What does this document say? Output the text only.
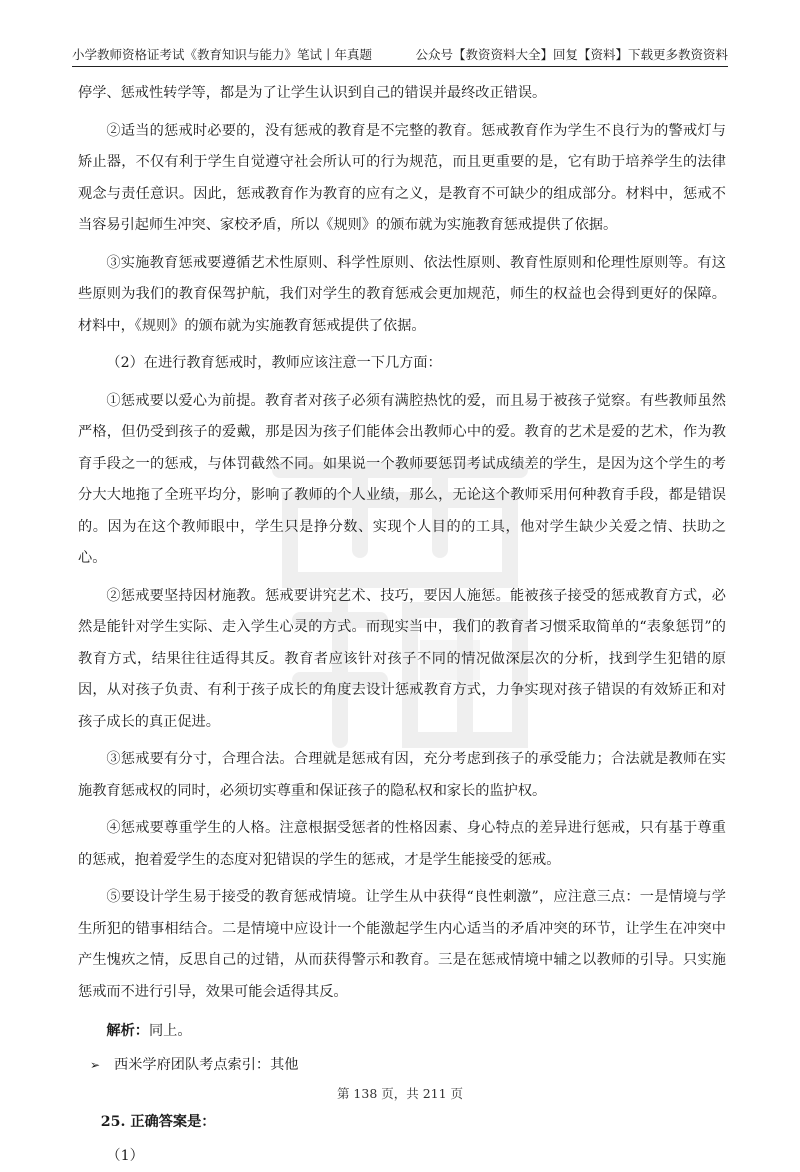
小学教师资格证考试《教育知识与能力》笔试丨年真题	公众号【教资资料大全】回复【资料】下载更多教资资料

停学、惩戒性转学等，都是为了让学生认识到自己的错误并最终改正错误。

②适当的惩戒时必要的，没有惩戒的教育是不完整的教育。惩戒教育作为学生不良行为的警戒灯与矫止器，不仅有利于学生自觉遵守社会所认可的行为规范，而且更重要的是，它有助于培养学生的法律观念与责任意识。因此，惩戒教育作为教育的应有之义，是教育不可缺少的组成部分。材料中，惩戒不当容易引起师生冲突、家校矛盾，所以《规则》的颁布就为实施教育惩戒提供了依据。

③实施教育惩戒要遵循艺术性原则、科学性原则、依法性原则、教育性原则和伦理性原则等。有这些原则为我们的教育保驾护航，我们对学生的教育惩戒会更加规范，师生的权益也会得到更好的保障。材料中，《规则》的颁布就为实施教育惩戒提供了依据。

（2）在进行教育惩戒时，教师应该注意一下几方面：

①惩戒要以爱心为前提。教育者对孩子必须有满腔热忱的爱，而且易于被孩子觉察。有些教师虽然严格，但仍受到孩子的爱戴，那是因为孩子们能体会出教师心中的爱。教育的艺术是爱的艺术，作为教育手段之一的惩戒，与体罚截然不同。如果说一个教师要惩罚考试成绩差的学生，是因为这个学生的考分大大地拖了全班平均分，影响了教师的个人业绩，那么，无论这个教师采用何种教育手段，都是错误的。因为在这个教师眼中，学生只是挣分数、实现个人目的的工具，他对学生缺少关爱之情、扶助之心。

②惩戒要坚持因材施教。惩戒要讲究艺术、技巧，要因人施惩。能被孩子接受的惩戒教育方式，必然是能针对学生实际、走入学生心灵的方式。而现实当中，我们的教育者习惯采取简单的“表象惩罚”的教育方式，结果往往适得其反。教育者应该针对孩子不同的情况做深层次的分析，找到学生犯错的原因，从对孩子负责、有利于孩子成长的角度去设计惩戒教育方式，力争实现对孩子错误的有效矫正和对孩子成长的真正促进。

③惩戒要有分寸，合理合法。合理就是惩戒有因，充分考虑到孩子的承受能力；合法就是教师在实施教育惩戒权的同时，必须切实尊重和保证孩子的隐私权和家长的监护权。

④惩戒要尊重学生的人格。注意根据受惩者的性格因素、身心特点的差异进行惩戒，只有基于尊重的惩戒，抱着爱学生的态度对犯错误的学生的惩戒，才是学生能接受的惩戒。

⑤要设计学生易于接受的教育惩戒情境。让学生从中获得“良性刺激”，应注意三点：一是情境与学生所犯的错事相结合。二是情境中应设计一个能激起学生内心适当的矛盾冲突的环节，让学生在冲突中产生愧疚之情，反思自己的过错，从而获得警示和教育。三是在惩戒情境中辅之以教师的引导。只实施惩戒而不进行引导，效果可能会适得其反。

解析：同上。

➢ 西米学府团队考点索引：其他

25. 正确答案是：

（1）

第 138 页，共 211 页
